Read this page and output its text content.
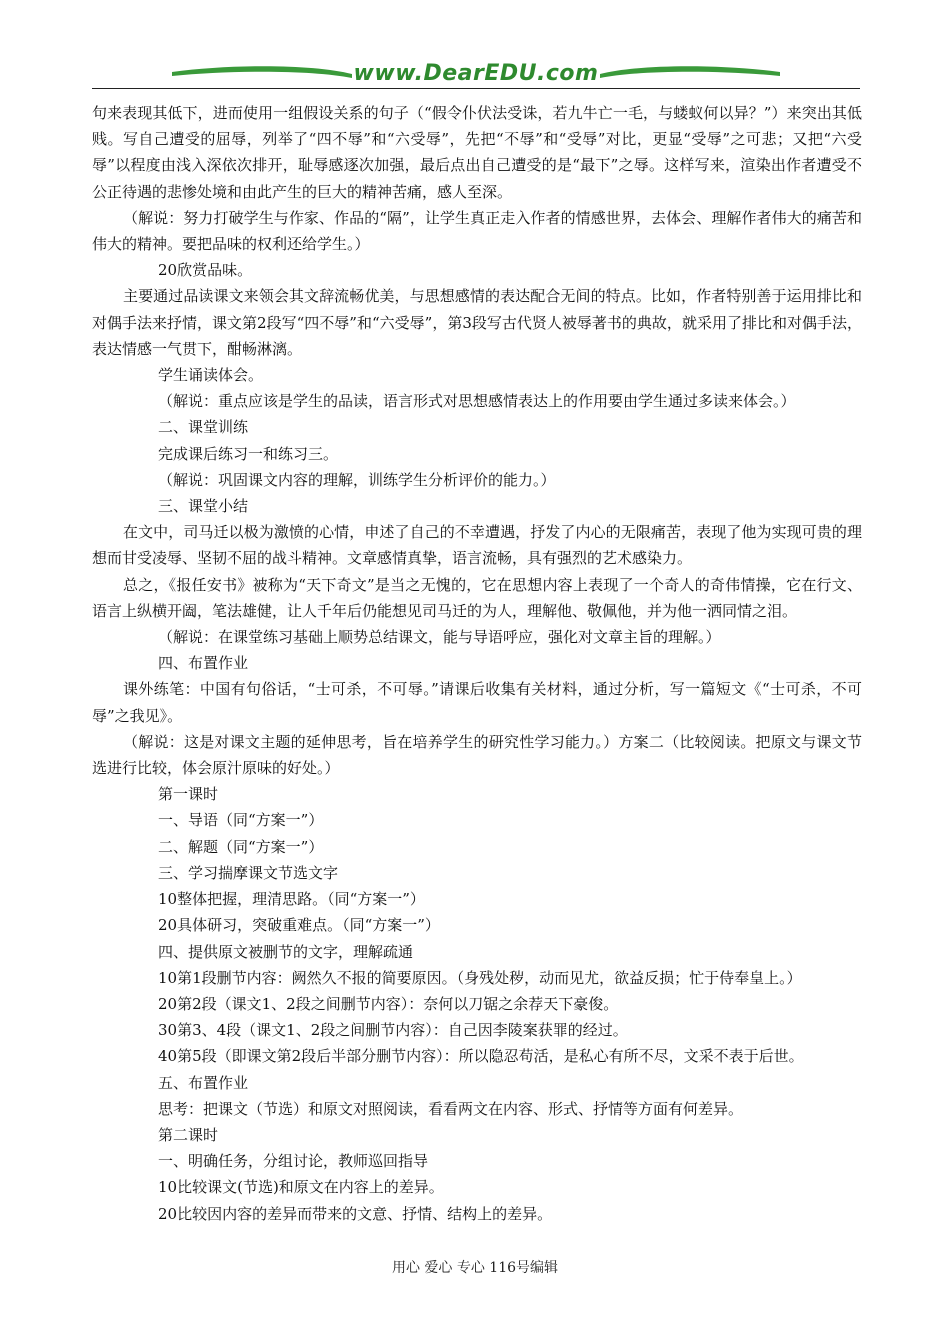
www.DearEDU.com

句来表现其低下，进而使用一组假设关系的句子（“假令仆伏法受诛，若九牛亡一毛，与蝼蚁何以异？”）来突出其低贱。写自己遭受的屈辱，列举了“四不辱”和“六受辱”，先把“不辱”和“受辱”对比，更显“受辱”之可悲；又把“六受辱”以程度由浅入深依次排开，耻辱感逐次加强，最后点出自己遭受的是“最下”之辱。这样写来，渲染出作者遭受不公正待遇的悲惨处境和由此产生的巨大的精神苦痛，感人至深。

（解说：努力打破学生与作家、作品的“隔”，让学生真正走入作者的情感世界，去体会、理解作者伟大的痛苦和伟大的精神。要把品味的权利还给学生。）

20欣赏品味。

主要通过品读课文来领会其文辞流畅优美，与思想感情的表达配合无间的特点。比如，作者特别善于运用排比和对偶手法来抒情，课文第2段写“四不辱”和“六受辱”，第3段写古代贤人被辱著书的典故，就采用了排比和对偶手法，表达情感一气贯下，酣畅淋漓。

学生诵读体会。

（解说：重点应该是学生的品读，语言形式对思想感情表达上的作用要由学生通过多读来体会。）

二、课堂训练

完成课后练习一和练习三。

（解说：巩固课文内容的理解，训练学生分析评价的能力。）

三、课堂小结

在文中，司马迁以极为激愤的心情，申述了自己的不幸遭遇，抒发了内心的无限痛苦，表现了他为实现可贵的理想而甘受凌辱、坚韧不屈的战斗精神。文章感情真挚，语言流畅，具有强烈的艺术感染力。

总之，《报任安书》被称为“天下奇文”是当之无愧的，它在思想内容上表现了一个奇人的奇伟情操，它在行文、语言上纵横开阖，笔法雄健，让人千年后仍能想见司马迁的为人，理解他、敬佩他，并为他一洒同情之泪。

（解说：在课堂练习基础上顺势总结课文，能与导语呼应，强化对文章主旨的理解。）

四、布置作业

课外练笔：中国有句俗话，“士可杀，不可辱。”请课后收集有关材料，通过分析，写一篇短文《“士可杀，不可辱”之我见》。

（解说：这是对课文主题的延伸思考，旨在培养学生的研究性学习能力。）方案二（比较阅读。把原文与课文节选进行比较，体会原汁原味的好处。）

第一课时

一、导语（同“方案一”）

二、解题（同“方案一”）

三、学习揣摩课文节选文字

10整体把握，理清思路。（同“方案一”）

20具体研习，突破重难点。（同“方案一”）

四、提供原文被删节的文字，理解疏通

10第1段删节内容：阙然久不报的简要原因。（身残处秽，动而见尤，欲益反损；忙于侍奉皇上。）

20第2段（课文1、2段之间删节内容）：奈何以刀锯之余荐天下豪俊。

30第3、4段（课文1、2段之间删节内容）：自己因李陵案获罪的经过。

40第5段（即课文第2段后半部分删节内容）：所以隐忍苟活，是私心有所不尽，文采不表于后世。

五、布置作业

思考：把课文（节选）和原文对照阅读，看看两文在内容、形式、抒情等方面有何差异。

第二课时

一、明确任务，分组讨论，教师巡回指导

10比较课文(节选)和原文在内容上的差异。

20比较因内容的差异而带来的文意、抒情、结构上的差异。

用心 爱心 专心 116号编辑
